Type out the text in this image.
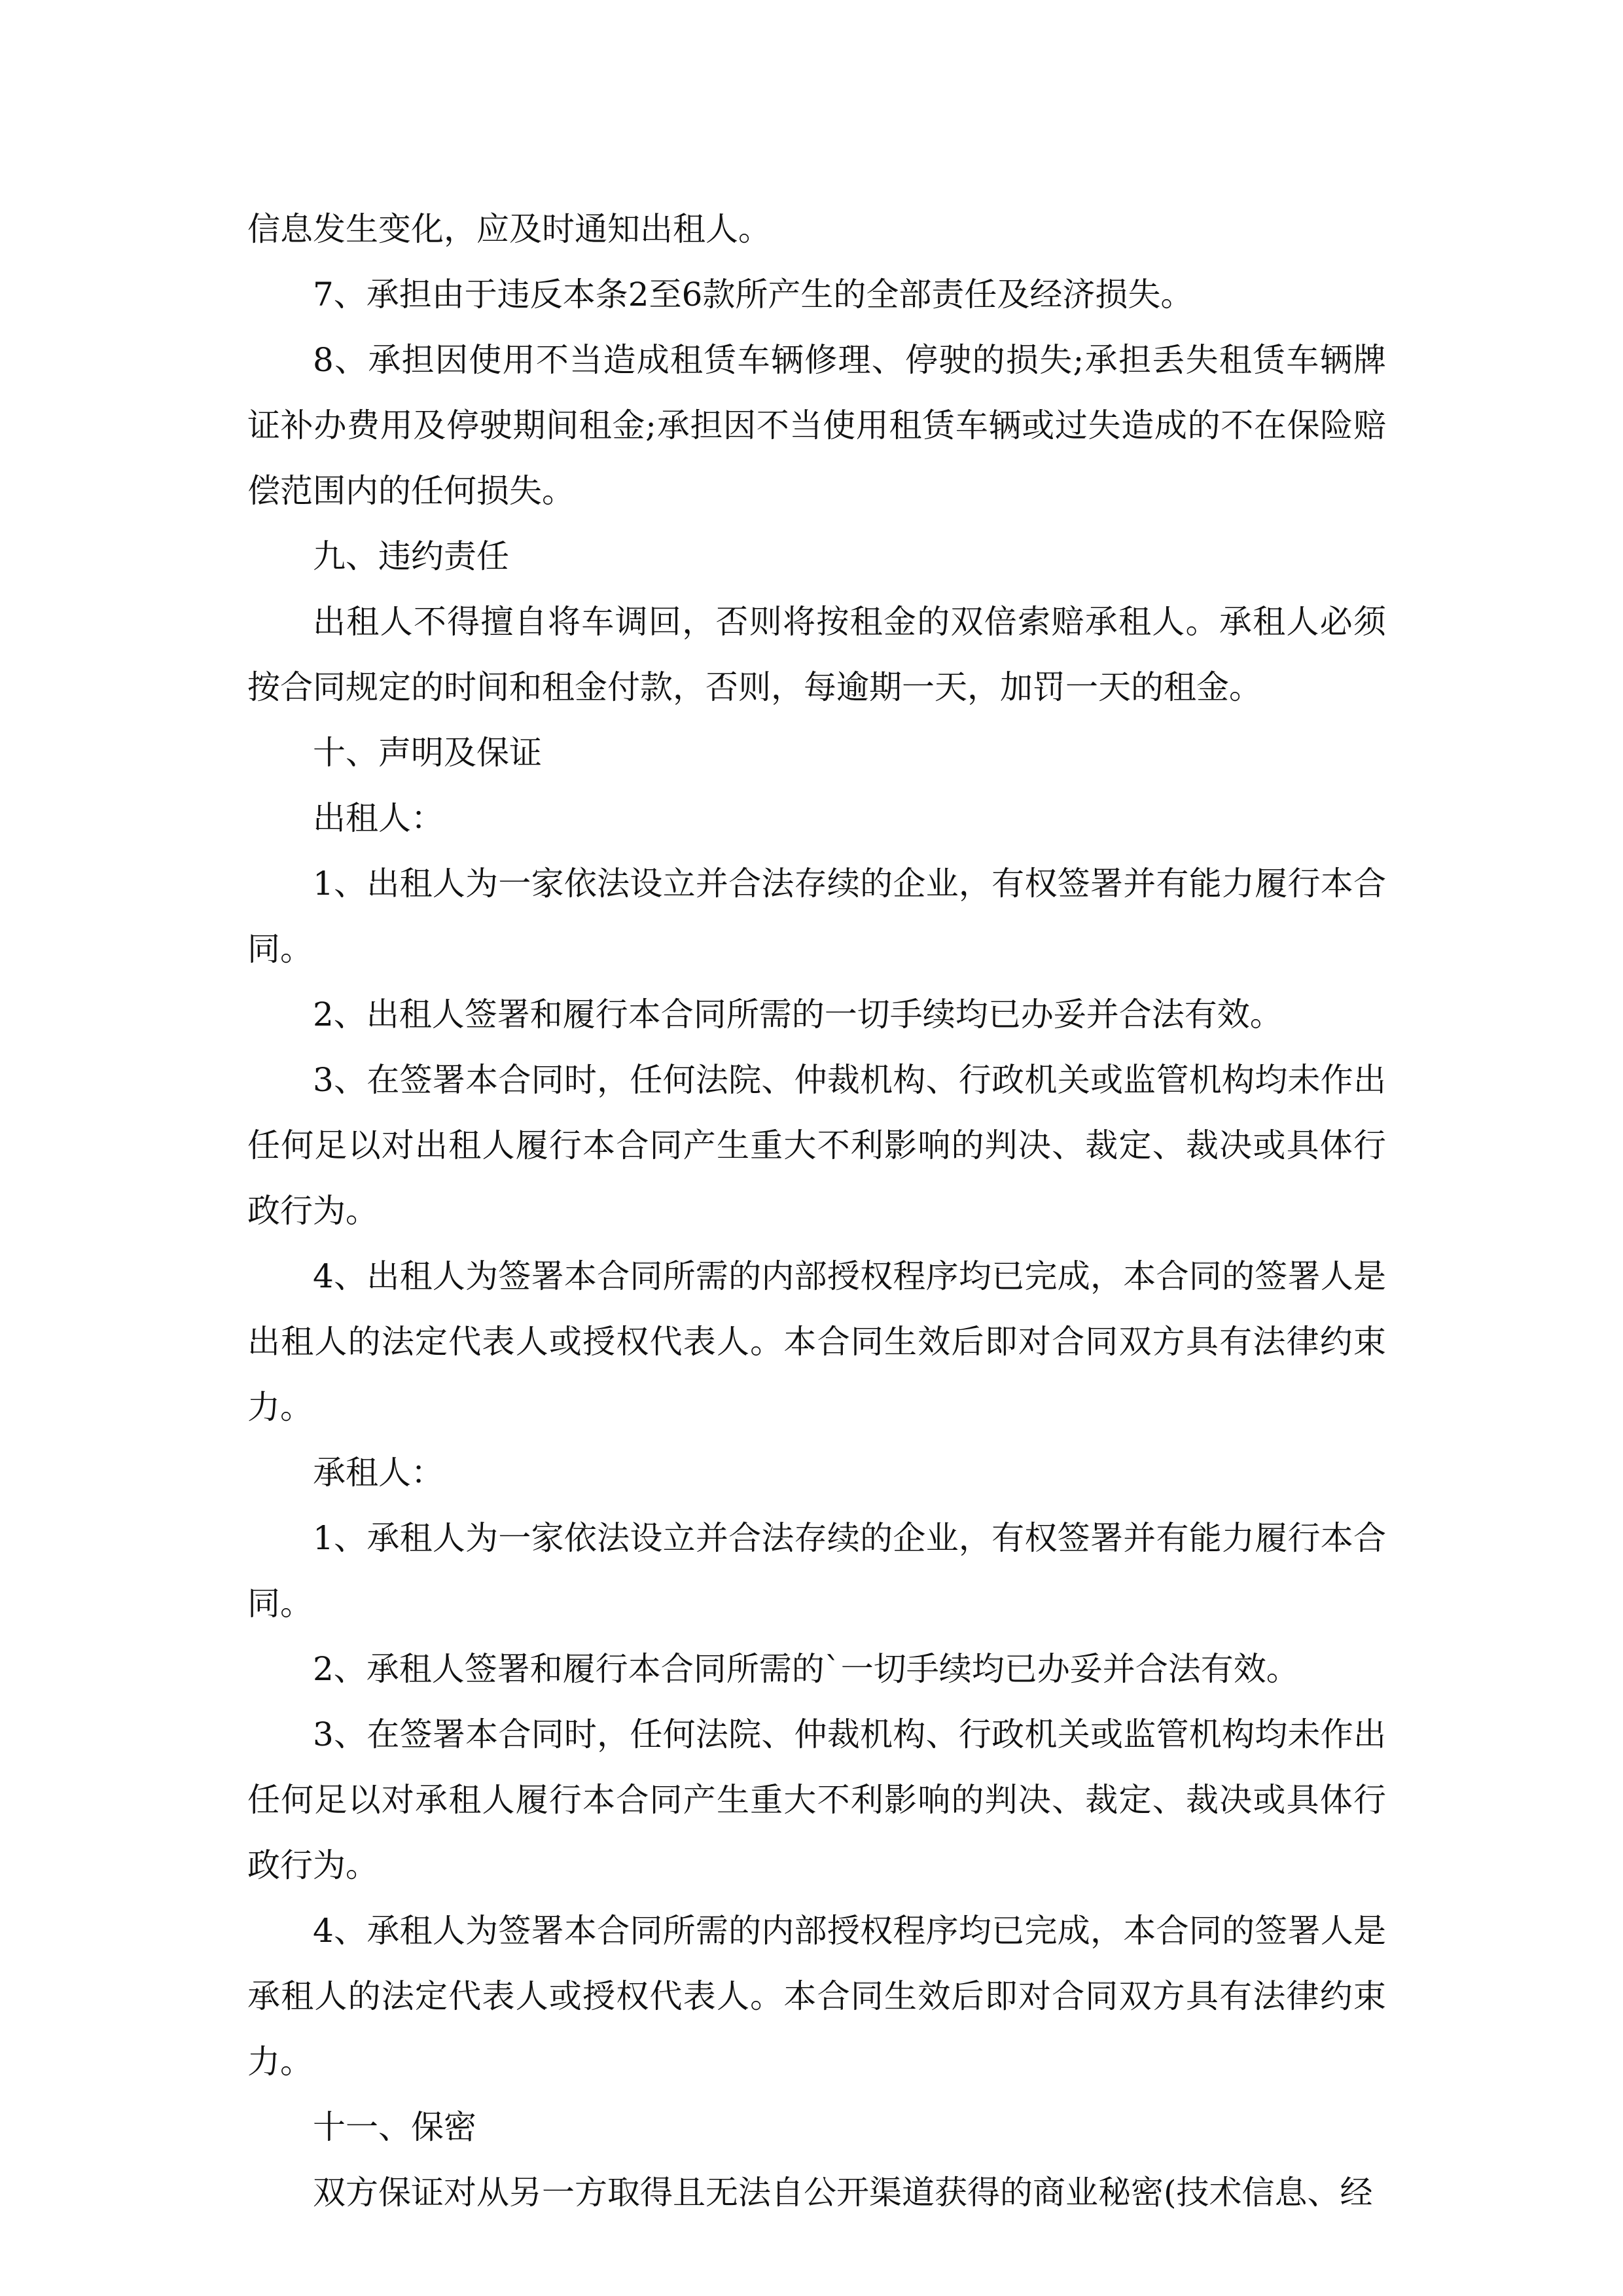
信息发生变化，应及时通知出租人。

7、承担由于违反本条2至6款所产生的全部责任及经济损失。

8、承担因使用不当造成租赁车辆修理、停驶的损失;承担丢失租赁车辆牌证补办费用及停驶期间租金;承担因不当使用租赁车辆或过失造成的不在保险赔偿范围内的任何损失。

九、违约责任

出租人不得擅自将车调回，否则将按租金的双倍索赔承租人。承租人必须按合同规定的时间和租金付款，否则，每逾期一天，加罚一天的租金。

十、声明及保证

出租人：

1、出租人为一家依法设立并合法存续的企业，有权签署并有能力履行本合同。

2、出租人签署和履行本合同所需的一切手续均已办妥并合法有效。

3、在签署本合同时，任何法院、仲裁机构、行政机关或监管机构均未作出任何足以对出租人履行本合同产生重大不利影响的判决、裁定、裁决或具体行政行为。

4、出租人为签署本合同所需的内部授权程序均已完成，本合同的签署人是出租人的法定代表人或授权代表人。本合同生效后即对合同双方具有法律约束力。

承租人：

1、承租人为一家依法设立并合法存续的企业，有权签署并有能力履行本合同。

2、承租人签署和履行本合同所需的`一切手续均已办妥并合法有效。

3、在签署本合同时，任何法院、仲裁机构、行政机关或监管机构均未作出任何足以对承租人履行本合同产生重大不利影响的判决、裁定、裁决或具体行政行为。

4、承租人为签署本合同所需的内部授权程序均已完成，本合同的签署人是承租人的法定代表人或授权代表人。本合同生效后即对合同双方具有法律约束力。

十一、保密

双方保证对从另一方取得且无法自公开渠道获得的商业秘密(技术信息、经
